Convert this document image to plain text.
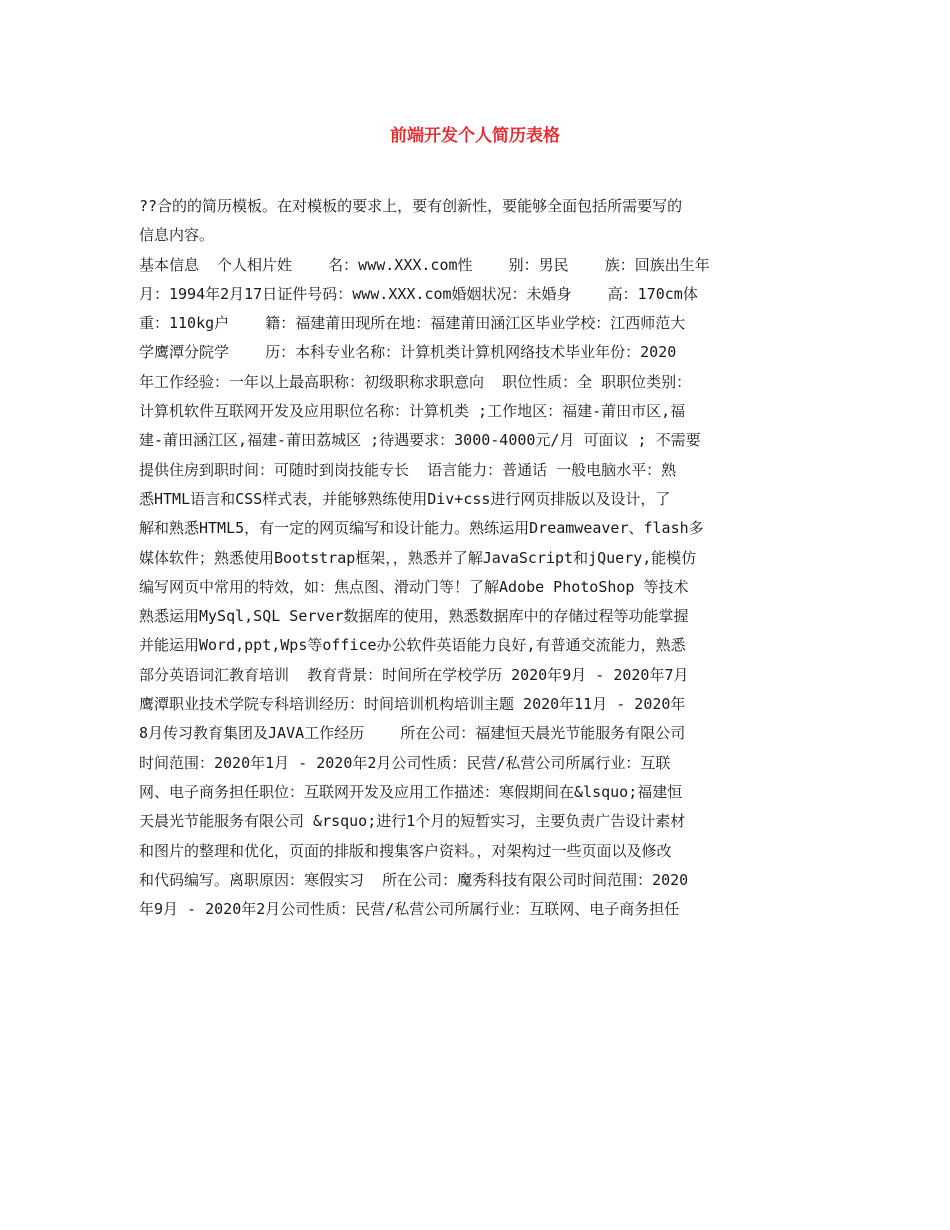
前端开发个人简历表格
??合的的简历模板。在对模板的要求上，要有创新性，要能够全面包括所需要写的
信息内容。
基本信息  个人相片姓    名：www.XXX.com性    别：男民    族：回族出生年
月：1994年2月17日证件号码：www.XXX.com婚姻状况：未婚身    高：170cm体
重：110kg户    籍：福建莆田现所在地：福建莆田涵江区毕业学校：江西师范大
学鹰潭分院学    历：本科专业名称：计算机类计算机网络技术毕业年份：2020
年工作经验：一年以上最高职称：初级职称求职意向  职位性质：全 职职位类别：
计算机软件互联网开发及应用职位名称：计算机类 ;工作地区：福建-莆田市区,福
建-莆田涵江区,福建-莆田荔城区 ;待遇要求：3000-4000元/月 可面议 ; 不需要
提供住房到职时间：可随时到岗技能专长  语言能力：普通话 一般电脑水平：熟
悉HTML语言和CSS样式表，并能够熟练使用Div+css进行网页排版以及设计，了
解和熟悉HTML5，有一定的网页编写和设计能力。熟练运用Dreamweaver、flash多
媒体软件；熟悉使用Bootstrap框架，，熟悉并了解JavaScript和jQuery,能模仿
编写网页中常用的特效，如：焦点图、滑动门等！了解Adobe PhotoShop 等技术
熟悉运用MySql,SQL Server数据库的使用，熟悉数据库中的存储过程等功能掌握
并能运用Word,ppt,Wps等office办公软件英语能力良好,有普通交流能力，熟悉
部分英语词汇教育培训  教育背景：时间所在学校学历 2020年9月 - 2020年7月
鹰潭职业技术学院专科培训经历：时间培训机构培训主题 2020年11月 - 2020年
8月传习教育集团及JAVA工作经历    所在公司：福建恒天晨光节能服务有限公司
时间范围：2020年1月 - 2020年2月公司性质：民营/私营公司所属行业：互联
网、电子商务担任职位：互联网开发及应用工作描述：寒假期间在&lsquo;福建恒
天晨光节能服务有限公司 &rsquo;进行1个月的短暂实习，主要负责广告设计素材
和图片的整理和优化，页面的排版和搜集客户资料。，对架构过一些页面以及修改
和代码编写。离职原因：寒假实习  所在公司：魔秀科技有限公司时间范围：2020
年9月 - 2020年2月公司性质：民营/私营公司所属行业：互联网、电子商务担任
